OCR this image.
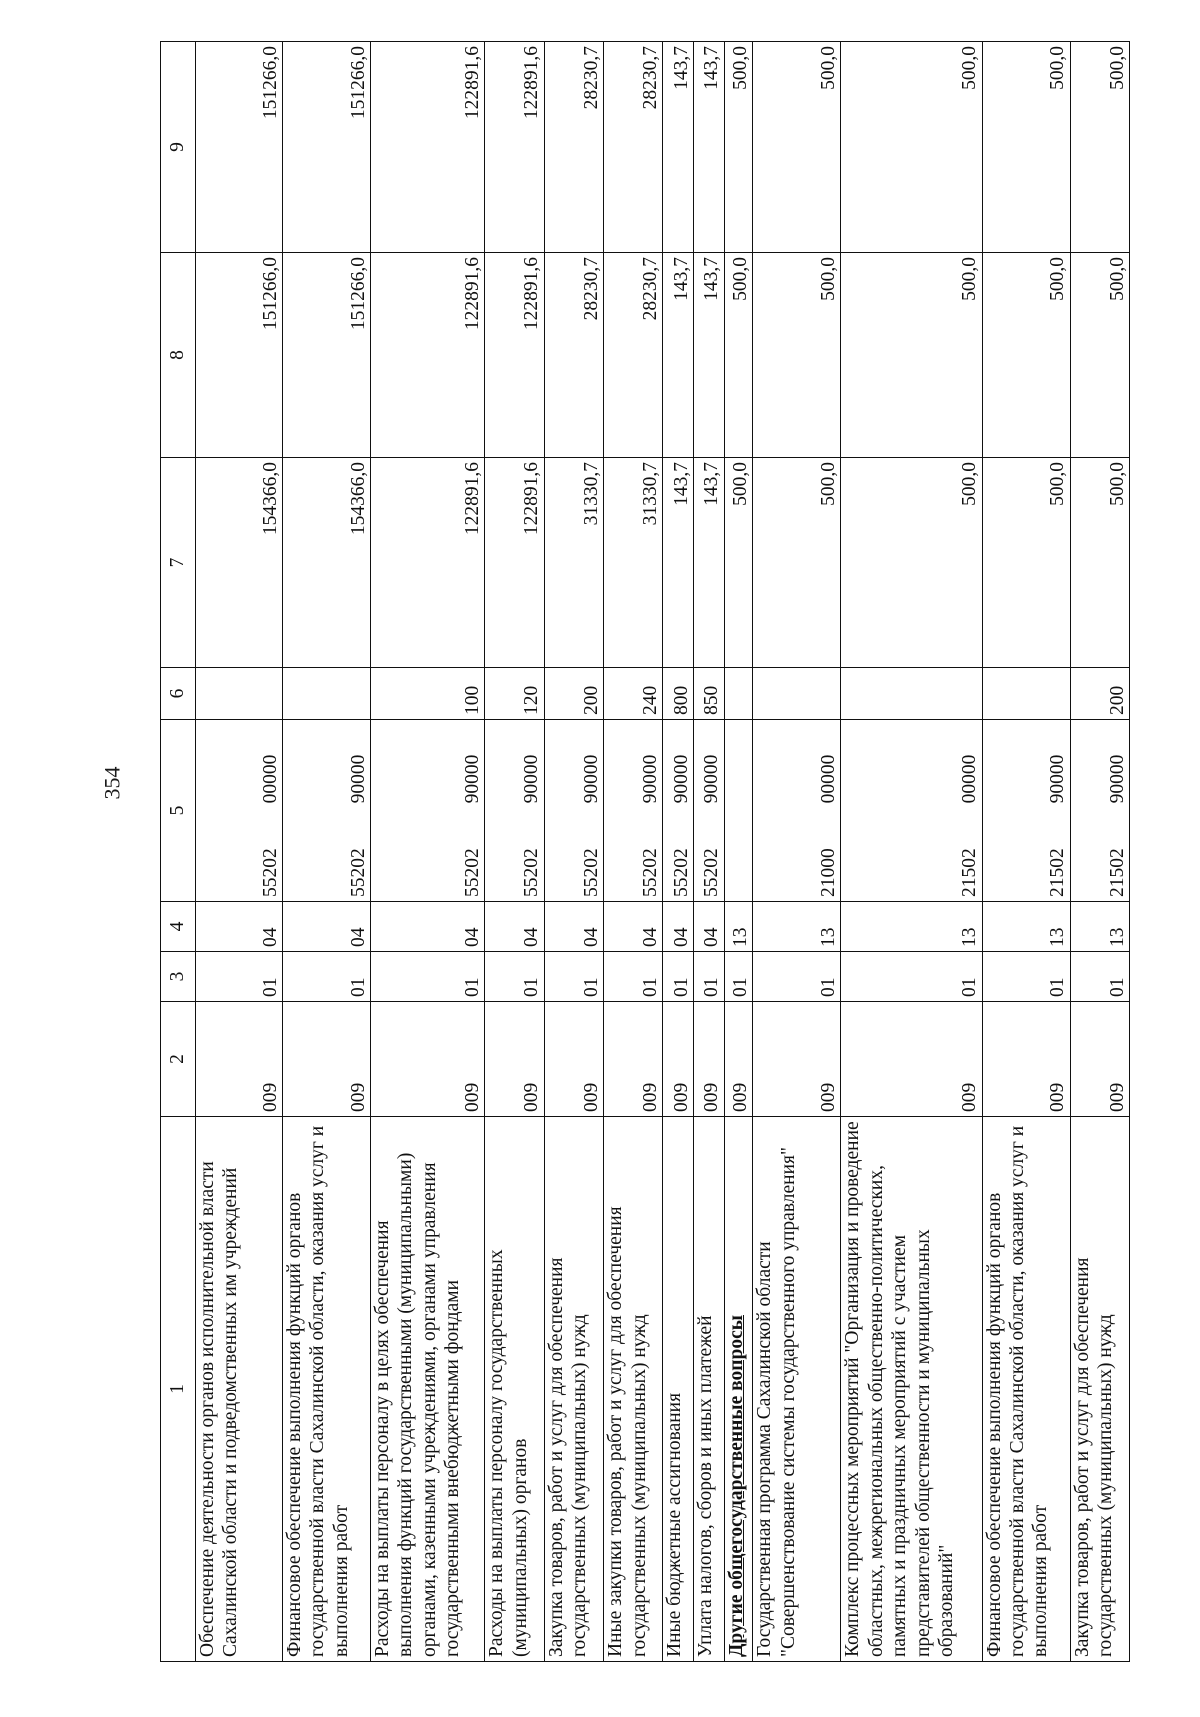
354
1	2	3	4	5	6	7	8	9
Обеспечение деятельности органов исполнительной власти Сахалинской области и подведомственных им учреждений	009	01	04	55202 00000		154366,0	151266,0	151266,0
Финансовое обеспечение выполнения функций органов государственной власти Сахалинской области, оказания услуг и выполнения работ	009	01	04	55202 90000		154366,0	151266,0	151266,0
Расходы на выплаты персоналу в целях обеспечения выполнения функций государственными (муниципальными) органами, казенными учреждениями, органами управления государственными внебюджетными фондами	009	01	04	55202 90000	100	122891,6	122891,6	122891,6
Расходы на выплаты персоналу государственных (муниципальных) органов	009	01	04	55202 90000	120	122891,6	122891,6	122891,6
Закупка товаров, работ и услуг для обеспечения государственных (муниципальных) нужд	009	01	04	55202 90000	200	31330,7	28230,7	28230,7
Иные закупки товаров, работ и услуг для обеспечения государственных (муниципальных) нужд	009	01	04	55202 90000	240	31330,7	28230,7	28230,7
Иные бюджетные ассигнования	009	01	04	55202 90000	800	143,7	143,7	143,7
Уплата налогов, сборов и иных платежей	009	01	04	55202 90000	850	143,7	143,7	143,7
Другие общегосударственные вопросы	009	01	13			500,0	500,0	500,0
Государственная программа Сахалинской области "Совершенствование системы государственного управления"	009	01	13	21000 00000		500,0	500,0	500,0
Комплекс процессных мероприятий "Организация и проведение областных, межрегиональных общественно-политических, памятных и праздничных мероприятий с участием представителей общественности и муниципальных образований"	009	01	13	21502 00000		500,0	500,0	500,0
Финансовое обеспечение выполнения функций органов государственной власти Сахалинской области, оказания услуг и выполнения работ	009	01	13	21502 90000		500,0	500,0	500,0
Закупка товаров, работ и услуг для обеспечения государственных (муниципальных) нужд	009	01	13	21502 90000	200	500,0	500,0	500,0
